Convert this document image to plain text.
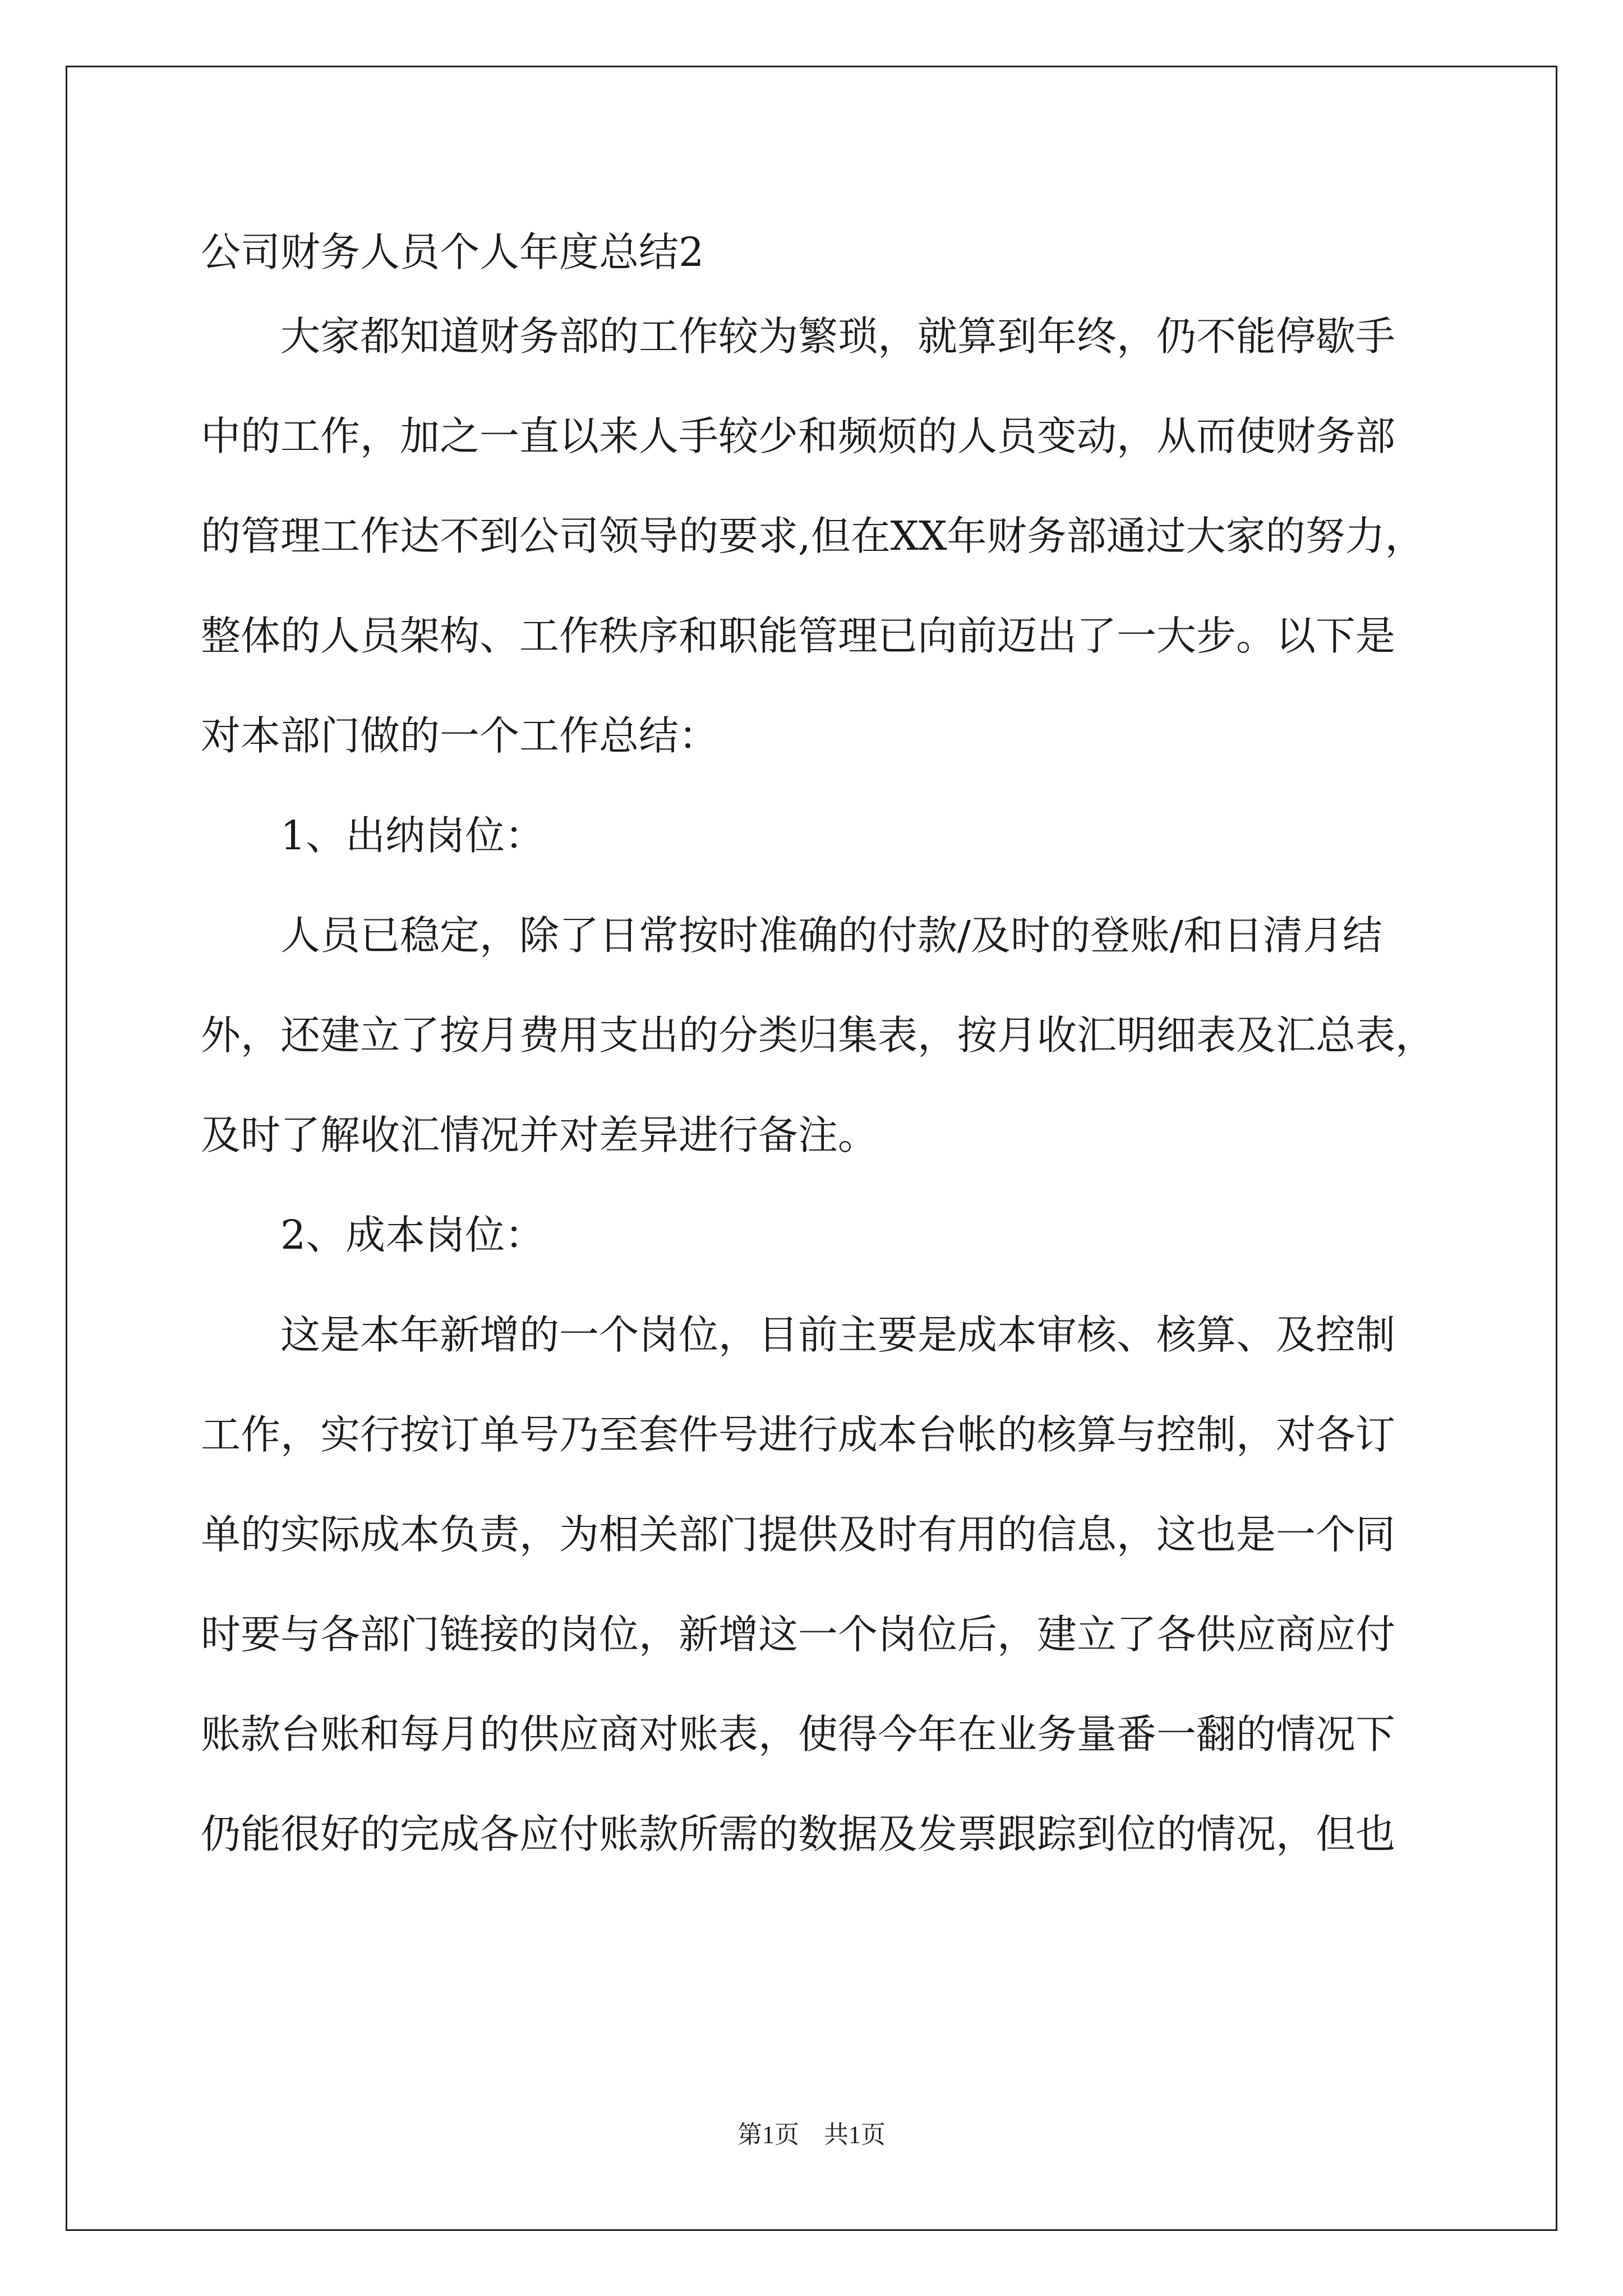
公司财务人员个人年度总结2
大家都知道财务部的工作较为繁琐，就算到年终，仍不能停歇手
中的工作，加之一直以来人手较少和频烦的人员变动，从而使财务部
的管理工作达不到公司领导的要求,但在XX年财务部通过大家的努力，
整体的人员架构、工作秩序和职能管理已向前迈出了一大步。以下是
对本部门做的一个工作总结：
1、出纳岗位：
人员已稳定，除了日常按时准确的付款/及时的登账/和日清月结
外，还建立了按月费用支出的分类归集表，按月收汇明细表及汇总表，
及时了解收汇情况并对差异进行备注。
2、成本岗位：
这是本年新增的一个岗位，目前主要是成本审核、核算、及控制
工作，实行按订单号乃至套件号进行成本台帐的核算与控制，对各订
单的实际成本负责，为相关部门提供及时有用的信息，这也是一个同
时要与各部门链接的岗位，新增这一个岗位后，建立了各供应商应付
账款台账和每月的供应商对账表，使得今年在业务量番一翻的情况下
仍能很好的完成各应付账款所需的数据及发票跟踪到位的情况，但也
第1页　共1页
